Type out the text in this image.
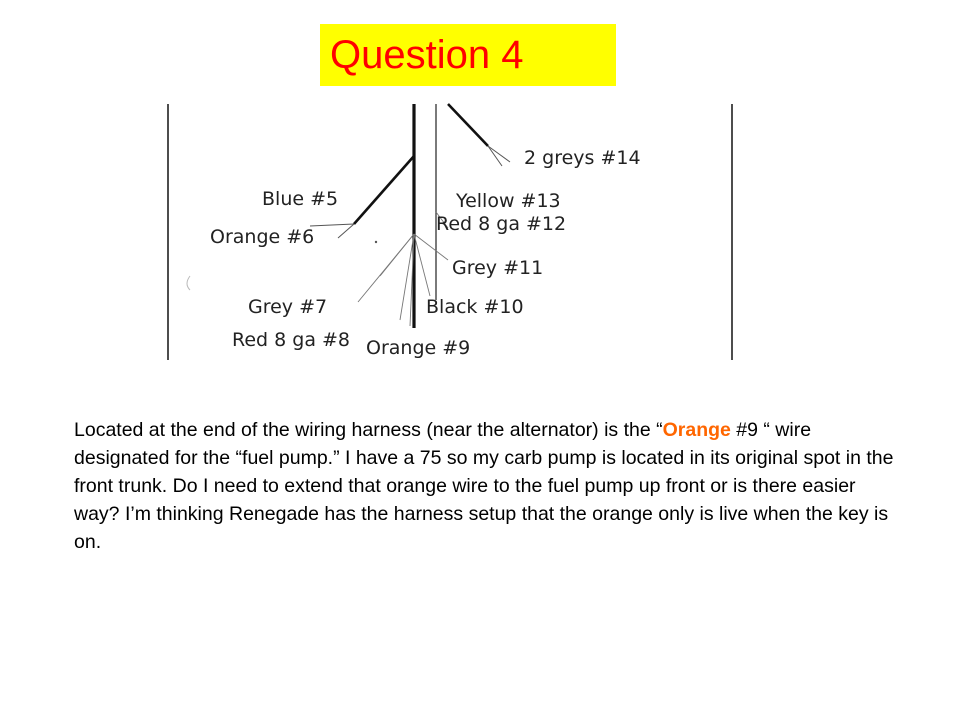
Question 4
2 greys #14
Blue #5	Yellow #13
Red 8 ga #12
Orange #6
Grey #11
Grey #7	Black #10
Red 8 ga #8 Orange #9
Located at the end of the wiring harness (near the alternator) is the “Orange #9 “ wire designated for the “fuel pump.” I have a 75 so my carb pump is located in its original spot in the front trunk. Do I need to extend that orange wire to the fuel pump up front or is there easier way? I’m thinking Renegade has the harness setup that the orange only is live when the key is on.
